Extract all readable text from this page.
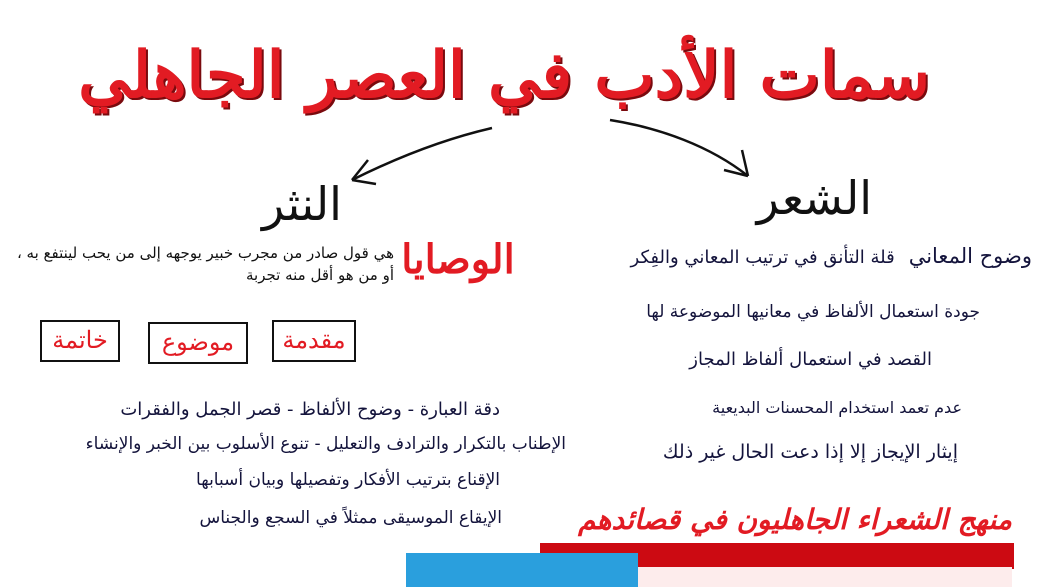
سمات الأدب في العصر الجاهلي
النثر	الشعر
الوصايا
هي قول صادر من مجرب خبير يوجهه إلى من يحب لينتفع به ، أو من هو أقل منه تجربة
مقدمة
موضوع
خاتمة
دقة العبارة - وضوح الألفاظ - قصر الجمل والفقرات
الإطناب بالتكرار والترادف والتعليل - تنوع الأسلوب بين الخبر والإنشاء
الإقناع بترتيب الأفكار وتفصيلها وبيان أسبابها
الإيقاع الموسيقى ممثلاً في السجع والجناس
وضوح المعانيقلة التأنق في ترتيب المعاني والفِكر
جودة استعمال الألفاظ في معانيها الموضوعة لها
القصد في استعمال ألفاظ المجاز
عدم تعمد استخدام المحسنات البديعية
إيثار الإيجاز إلا إذا دعت الحال غير ذلك
منهج الشعراء الجاهليون في قصائدهم
